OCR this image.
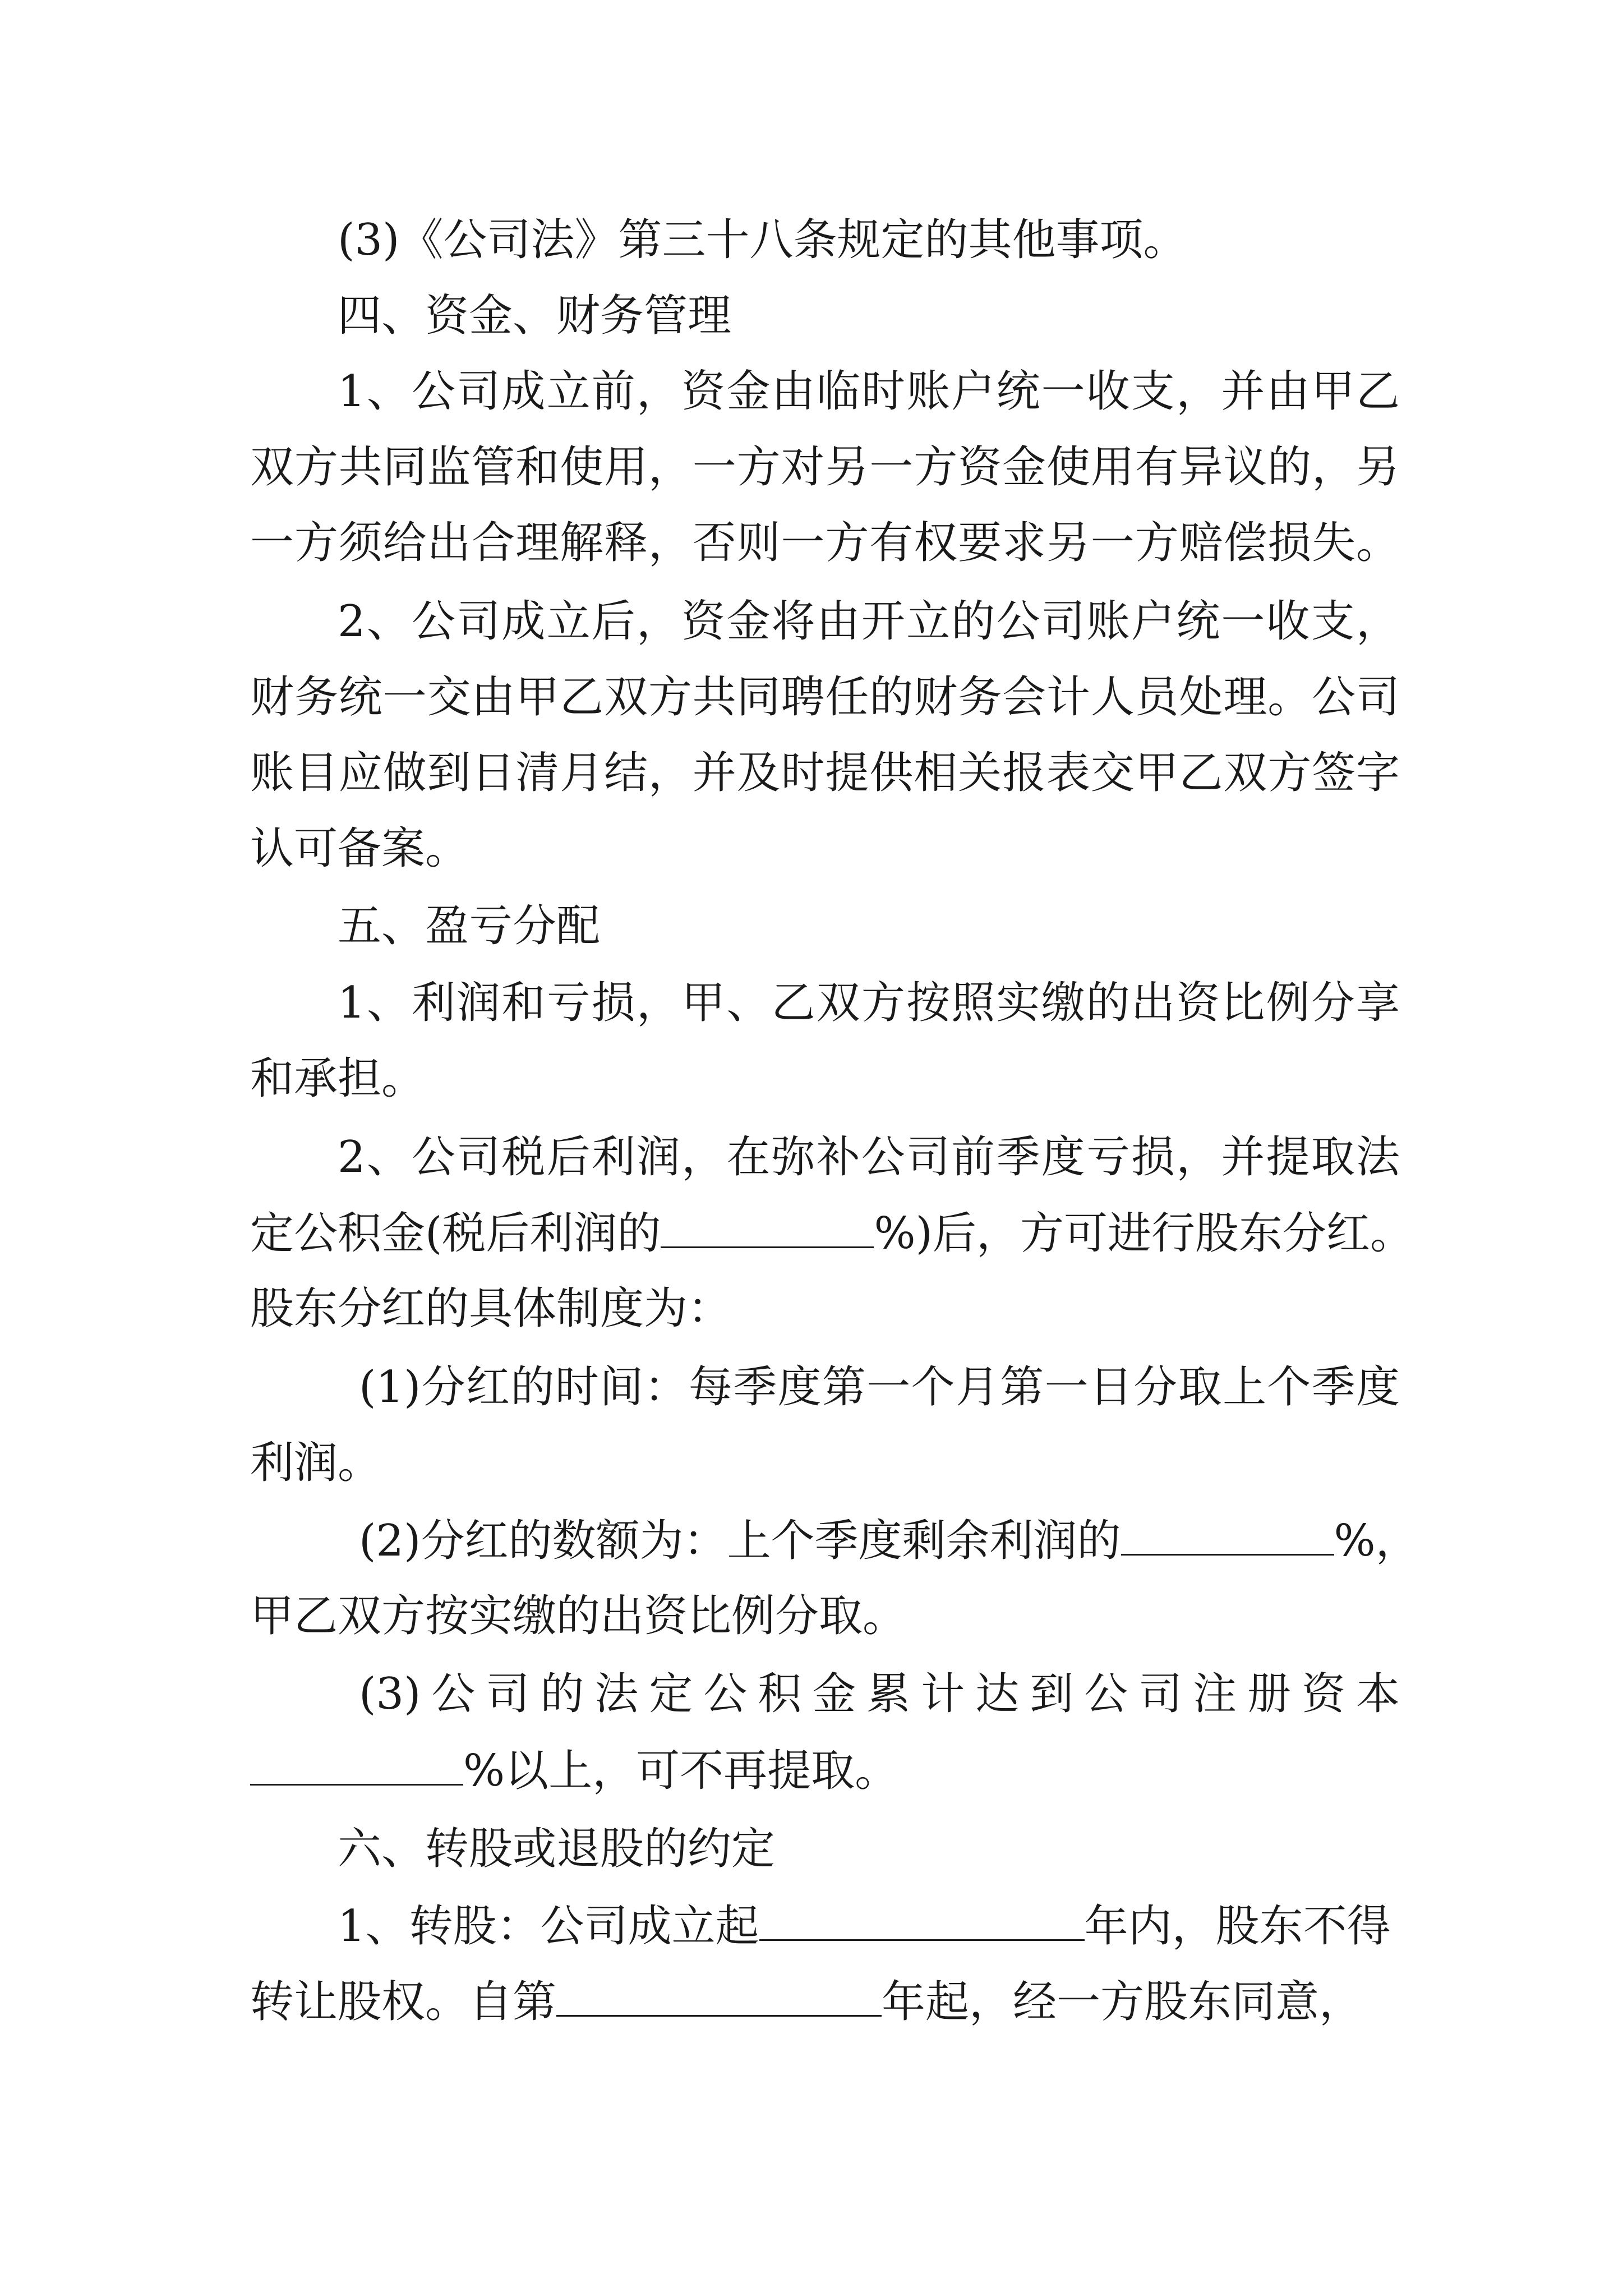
(3)《公司法》第三十八条规定的其他事项。
四、资金、财务管理
1、公司成立前，资金由临时账户统一收支，并由甲乙
双方共同监管和使用，一方对另一方资金使用有异议的，另
一方须给出合理解释，否则一方有权要求另一方赔偿损失。
2、公司成立后，资金将由开立的公司账户统一收支，
财务统一交由甲乙双方共同聘任的财务会计人员处理。公司
账目应做到日清月结，并及时提供相关报表交甲乙双方签字
认可备案。
五、盈亏分配
1、利润和亏损，甲、乙双方按照实缴的出资比例分享
和承担。
2、公司税后利润，在弥补公司前季度亏损，并提取法
定公积金(税后利润的	%)后，方可进行股东分红。
股东分红的具体制度为：
(1)分红的时间：每季度第一个月第一日分取上个季度
利润。
(2)分红的数额为：上个季度剩余利润的	%，
甲乙双方按实缴的出资比例分取。
(3)公司的法定公积金累计达到公司注册资本
%以上，可不再提取。
六、转股或退股的约定
1、转股：公司成立起	年内，股东不得
转让股权。自第	年起，经一方股东同意，
